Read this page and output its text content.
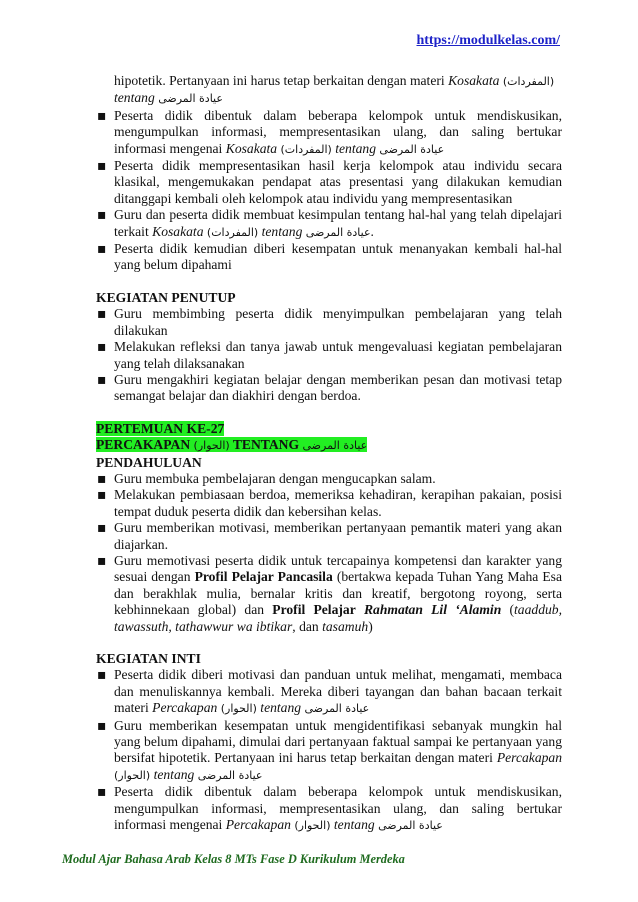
https://modulkelas.com/

hipotetik. Pertanyaan ini harus tetap berkaitan dengan materi Kosakata (المفردات)
tentang عيادة المرضى

▪ Peserta didik dibentuk dalam beberapa kelompok untuk mendiskusikan, mengumpulkan informasi, mempresentasikan ulang, dan saling bertukar informasi mengenai Kosakata (المفردات) tentang عيادة المرضى
▪ Peserta didik mempresentasikan hasil kerja kelompok atau individu secara klasikal, mengemukakan pendapat atas presentasi yang dilakukan kemudian ditanggapi kembali oleh kelompok atau individu yang mempresentasikan
▪ Guru dan peserta didik membuat kesimpulan tentang hal-hal yang telah dipelajari terkait Kosakata (المفردات) tentang عيادة المرضى.
▪ Peserta didik kemudian diberi kesempatan untuk menanyakan kembali hal-hal yang belum dipahami

KEGIATAN PENUTUP

▪ Guru membimbing peserta didik menyimpulkan pembelajaran yang telah dilakukan
▪ Melakukan refleksi dan tanya jawab untuk mengevaluasi kegiatan pembelajaran yang telah dilaksanakan
▪ Guru mengakhiri kegiatan belajar dengan memberikan pesan dan motivasi tetap semangat belajar dan diakhiri dengan berdoa.

PERTEMUAN KE-27

PERCAKAPAN (الحوار) TENTANG عيادة المرضى

PENDAHULUAN

▪ Guru membuka pembelajaran dengan mengucapkan salam.
▪ Melakukan pembiasaan berdoa, memeriksa kehadiran, kerapihan pakaian, posisi tempat duduk peserta didik dan kebersihan kelas.
▪ Guru memberikan motivasi, memberikan pertanyaan pemantik materi yang akan diajarkan.
▪ Guru memotivasi peserta didik untuk tercapainya kompetensi dan karakter yang sesuai dengan Profil Pelajar Pancasila (bertakwa kepada Tuhan Yang Maha Esa dan berakhlak mulia, bernalar kritis dan kreatif, bergotong royong, serta kebhinnekaan global) dan Profil Pelajar Rahmatan Lil ‘Alamin (taaddub, tawassuth, tathawwur wa ibtikar, dan tasamuh)

KEGIATAN INTI

▪ Peserta didik diberi motivasi dan panduan untuk melihat, mengamati, membaca dan menuliskannya kembali. Mereka diberi tayangan dan bahan bacaan terkait materi Percakapan (الحوار) tentang عيادة المرضى
▪ Guru memberikan kesempatan untuk mengidentifikasi sebanyak mungkin hal yang belum dipahami, dimulai dari pertanyaan faktual sampai ke pertanyaan yang bersifat hipotetik. Pertanyaan ini harus tetap berkaitan dengan materi Percakapan (الحوار) tentang عيادة المرضى
▪ Peserta didik dibentuk dalam beberapa kelompok untuk mendiskusikan, mengumpulkan informasi, mempresentasikan ulang, dan saling bertukar informasi mengenai Percakapan (الحوار) tentang عيادة المرضى
Modul Ajar Bahasa Arab Kelas 8 MTs Fase D Kurikulum Merdeka
